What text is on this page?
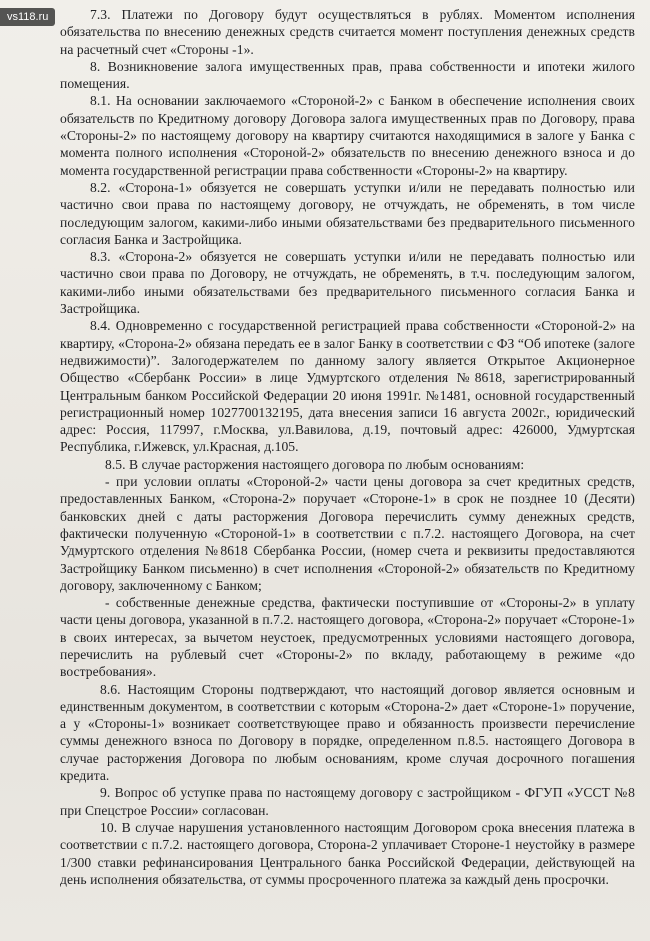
vs118.ru	7.3. Платежи по Договору будут осуществляться в рублях. Моментом исполнения обязательства по внесению денежных средств считается момент поступления денежных средств на расчетный счет «Стороны -1».

8. Возникновение залога имущественных прав, права собственности и ипотеки жилого помещения.

8.1. На основании заключаемого «Стороной-2» с Банком в обеспечение исполнения своих обязательств по Кредитному договору Договора залога имущественных прав по Договору, права «Стороны-2» по настоящему договору на квартиру считаются находящимися в залоге у Банка с момента полного исполнения «Стороной-2» обязательств по внесению денежного взноса и до момента государственной регистрации права собственности «Стороны-2» на квартиру.

8.2. «Сторона-1» обязуется не совершать уступки и/или не передавать полностью или частично свои права по настоящему договору, не отчуждать, не обременять, в том числе последующим залогом, какими-либо иными обязательствами без предварительного письменного согласия Банка и Застройщика.

8.3. «Сторона-2» обязуется не совершать уступки и/или не передавать полностью или частично свои права по Договору, не отчуждать, не обременять, в т.ч. последующим залогом, какими-либо иными обязательствами без предварительного письменного согласия Банка и Застройщика.

8.4. Одновременно с государственной регистрацией права собственности «Стороной-2» на квартиру, «Сторона-2» обязана передать ее в залог Банку в соответствии с ФЗ “Об ипотеке (залоге недвижимости)”. Залогодержателем по данному залогу является Открытое Акционерное Общество «Сбербанк России» в лице Удмуртского отделения №8618, зарегистрированный Центральным банком Российской Федерации 20 июня 1991г. №1481, основной государственный регистрационный номер 1027700132195, дата внесения записи 16 августа 2002г., юридический адрес: Россия, 117997, г.Москва, ул.Вавилова, д.19, почтовый адрес: 426000, Удмуртская Республика, г.Ижевск, ул.Красная, д.105.

8.5. В случае расторжения настоящего договора по любым основаниям:

- при условии оплаты «Стороной-2» части цены договора за счет кредитных средств, предоставленных Банком, «Сторона-2» поручает «Стороне-1» в срок не позднее 10 (Десяти) банковских дней с даты расторжения Договора перечислить сумму денежных средств, фактически полученную «Стороной-1» в соответствии с п.7.2. настоящего Договора, на счет Удмуртского отделения №8618 Сбербанка России, (номер счета и реквизиты предоставляются Застройщику Банком письменно) в счет исполнения «Стороной-2» обязательств по Кредитному договору, заключенному с Банком;

- собственные денежные средства, фактически поступившие от «Стороны-2» в уплату части цены договора, указанной в п.7.2. настоящего договора, «Сторона-2» поручает «Стороне-1» в своих интересах, за вычетом неустоек, предусмотренных условиями настоящего договора, перечислить на рублевый счет «Стороны-2» по вкладу, работающему в режиме «до востребования».

8.6. Настоящим Стороны подтверждают, что настоящий договор является основным и единственным документом, в соответствии с которым «Сторона-2» дает «Стороне-1» поручение, а у «Стороны-1» возникает соответствующее право и обязанность произвести перечисление суммы денежного взноса по Договору в порядке, определенном п.8.5. настоящего Договора в случае расторжения Договора по любым основаниям, кроме случая досрочного погашения кредита.

9. Вопрос об уступке права по настоящему договору с застройщиком - ФГУП «УССТ №8 при Спецстрое России» согласован.

10. В случае нарушения установленного настоящим Договором срока внесения платежа в соответствии с п.7.2. настоящего договора, Сторона-2 уплачивает Стороне-1 неустойку в размере 1/300 ставки рефинансирования Центрального банка Российской Федерации, действующей на день исполнения обязательства, от суммы просроченного платежа за каждый день просрочки.
